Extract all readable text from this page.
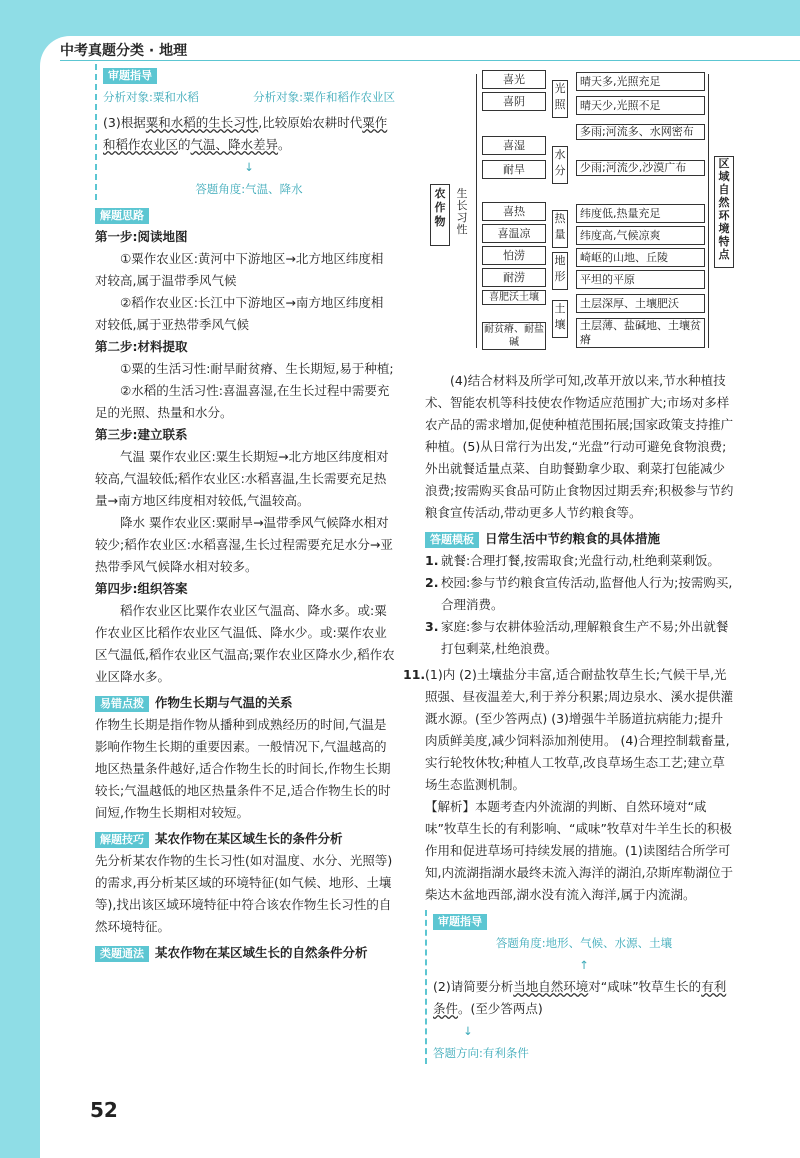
中考真题分类 · 地理
审题指导
分析对象:粟和水稻	分析对象:粟作和稻作农业区
(3)根据粟和水稻的生长习性,比较原始农耕时代粟作和稻作农业区的气温、降水差异。
↓
答题角度:气温、降水
解题思路
第一步:阅读地图
①粟作农业区:黄河中下游地区→北方地区纬度相对较高,属于温带季风气候
②稻作农业区:长江中下游地区→南方地区纬度相对较低,属于亚热带季风气候
第二步:材料提取
①粟的生活习性:耐旱耐贫瘠、生长期短,易于种植;
②水稻的生活习性:喜温喜湿,在生长过程中需要充足的光照、热量和水分。
第三步:建立联系
气温 粟作农业区:粟生长期短→北方地区纬度相对较高,气温较低;稻作农业区:水稻喜温,生长需要充足热量→南方地区纬度相对较低,气温较高。
降水 粟作农业区:粟耐旱→温带季风气候降水相对较少;稻作农业区:水稻喜湿,生长过程需要充足水分→亚热带季风气候降水相对较多。
第四步:组织答案
稻作农业区比粟作农业区气温高、降水多。或:粟作农业区比稻作农业区气温低、降水少。或:粟作农业区气温低,稻作农业区气温高;粟作农业区降水少,稻作农业区降水多。
易错点拨 作物生长期与气温的关系
作物生长期是指作物从播种到成熟经历的时间,气温是影响作物生长期的重要因素。一般情况下,气温越高的地区热量条件越好,适合作物生长的时间长,作物生长期较长;气温越低的地区热量条件不足,适合作物生长的时间短,作物生长期相对较短。
解题技巧 某农作物在某区域生长的条件分析
先分析某农作物的生长习性(如对温度、水分、光照等)的需求,再分析某区域的环境特征(如气候、地形、土壤等),找出该区域环境特征中符合该农作物生长习性的自然环境特征。
类题通法 某农作物在某区域生长的自然条件分析
农作物
生长习性
喜光
喜阴
喜湿
耐旱
喜热
喜温凉
怕涝
耐涝
喜肥沃土壤
耐贫瘠、耐盐碱
光照
水分
热量
地形
土壤
晴天多,光照充足
晴天少,光照不足
多雨;河流多、水网密布
少雨;河流少,沙漠广布
纬度低,热量充足
纬度高,气候凉爽
崎岖的山地、丘陵
平坦的平原
土层深厚、土壤肥沃
土层薄、盐碱地、土壤贫瘠
区域自然环境特点
(4)结合材料及所学可知,改革开放以来,节水种植技术、智能农机等科技使农作物适应范围扩大;市场对多样农产品的需求增加,促使种植范围拓展;国家政策支持推广种植。(5)从日常行为出发,“光盘”行动可避免食物浪费;外出就餐适量点菜、自助餐勤拿少取、剩菜打包能减少浪费;按需购买食品可防止食物因过期丢弃;积极参与节约粮食宣传活动,带动更多人节约粮食等。
答题模板 日常生活中节约粮食的具体措施
1. 就餐:合理打餐,按需取食;光盘行动,杜绝剩菜剩饭。
2. 校园:参与节约粮食宣传活动,监督他人行为;按需购买,合理消费。
3. 家庭:参与农耕体验活动,理解粮食生产不易;外出就餐打包剩菜,杜绝浪费。
11. (1)内 (2)土壤盐分丰富,适合耐盐牧草生长;气候干旱,光照强、昼夜温差大,利于养分积累;周边泉水、溪水提供灌溉水源。(至少答两点) (3)增强牛羊肠道抗病能力;提升肉质鲜美度,减少饲料添加剂使用。 (4)合理控制载畜量,实行轮牧休牧;种植人工牧草,改良草场生态工艺;建立草场生态监测机制。
【解析】本题考查内外流湖的判断、自然环境对“咸味”牧草生长的有利影响、“咸味”牧草对牛羊生长的积极作用和促进草场可持续发展的措施。(1)读图结合所学可知,内流湖指湖水最终未流入海洋的湖泊,尕斯库勒湖位于柴达木盆地西部,湖水没有流入海洋,属于内流湖。
审题指导
答题角度:地形、气候、水源、土壤
↑
(2)请简要分析当地自然环境对“咸味”牧草生长的有利条件。(至少答两点)
↓
答题方向:有利条件
52
